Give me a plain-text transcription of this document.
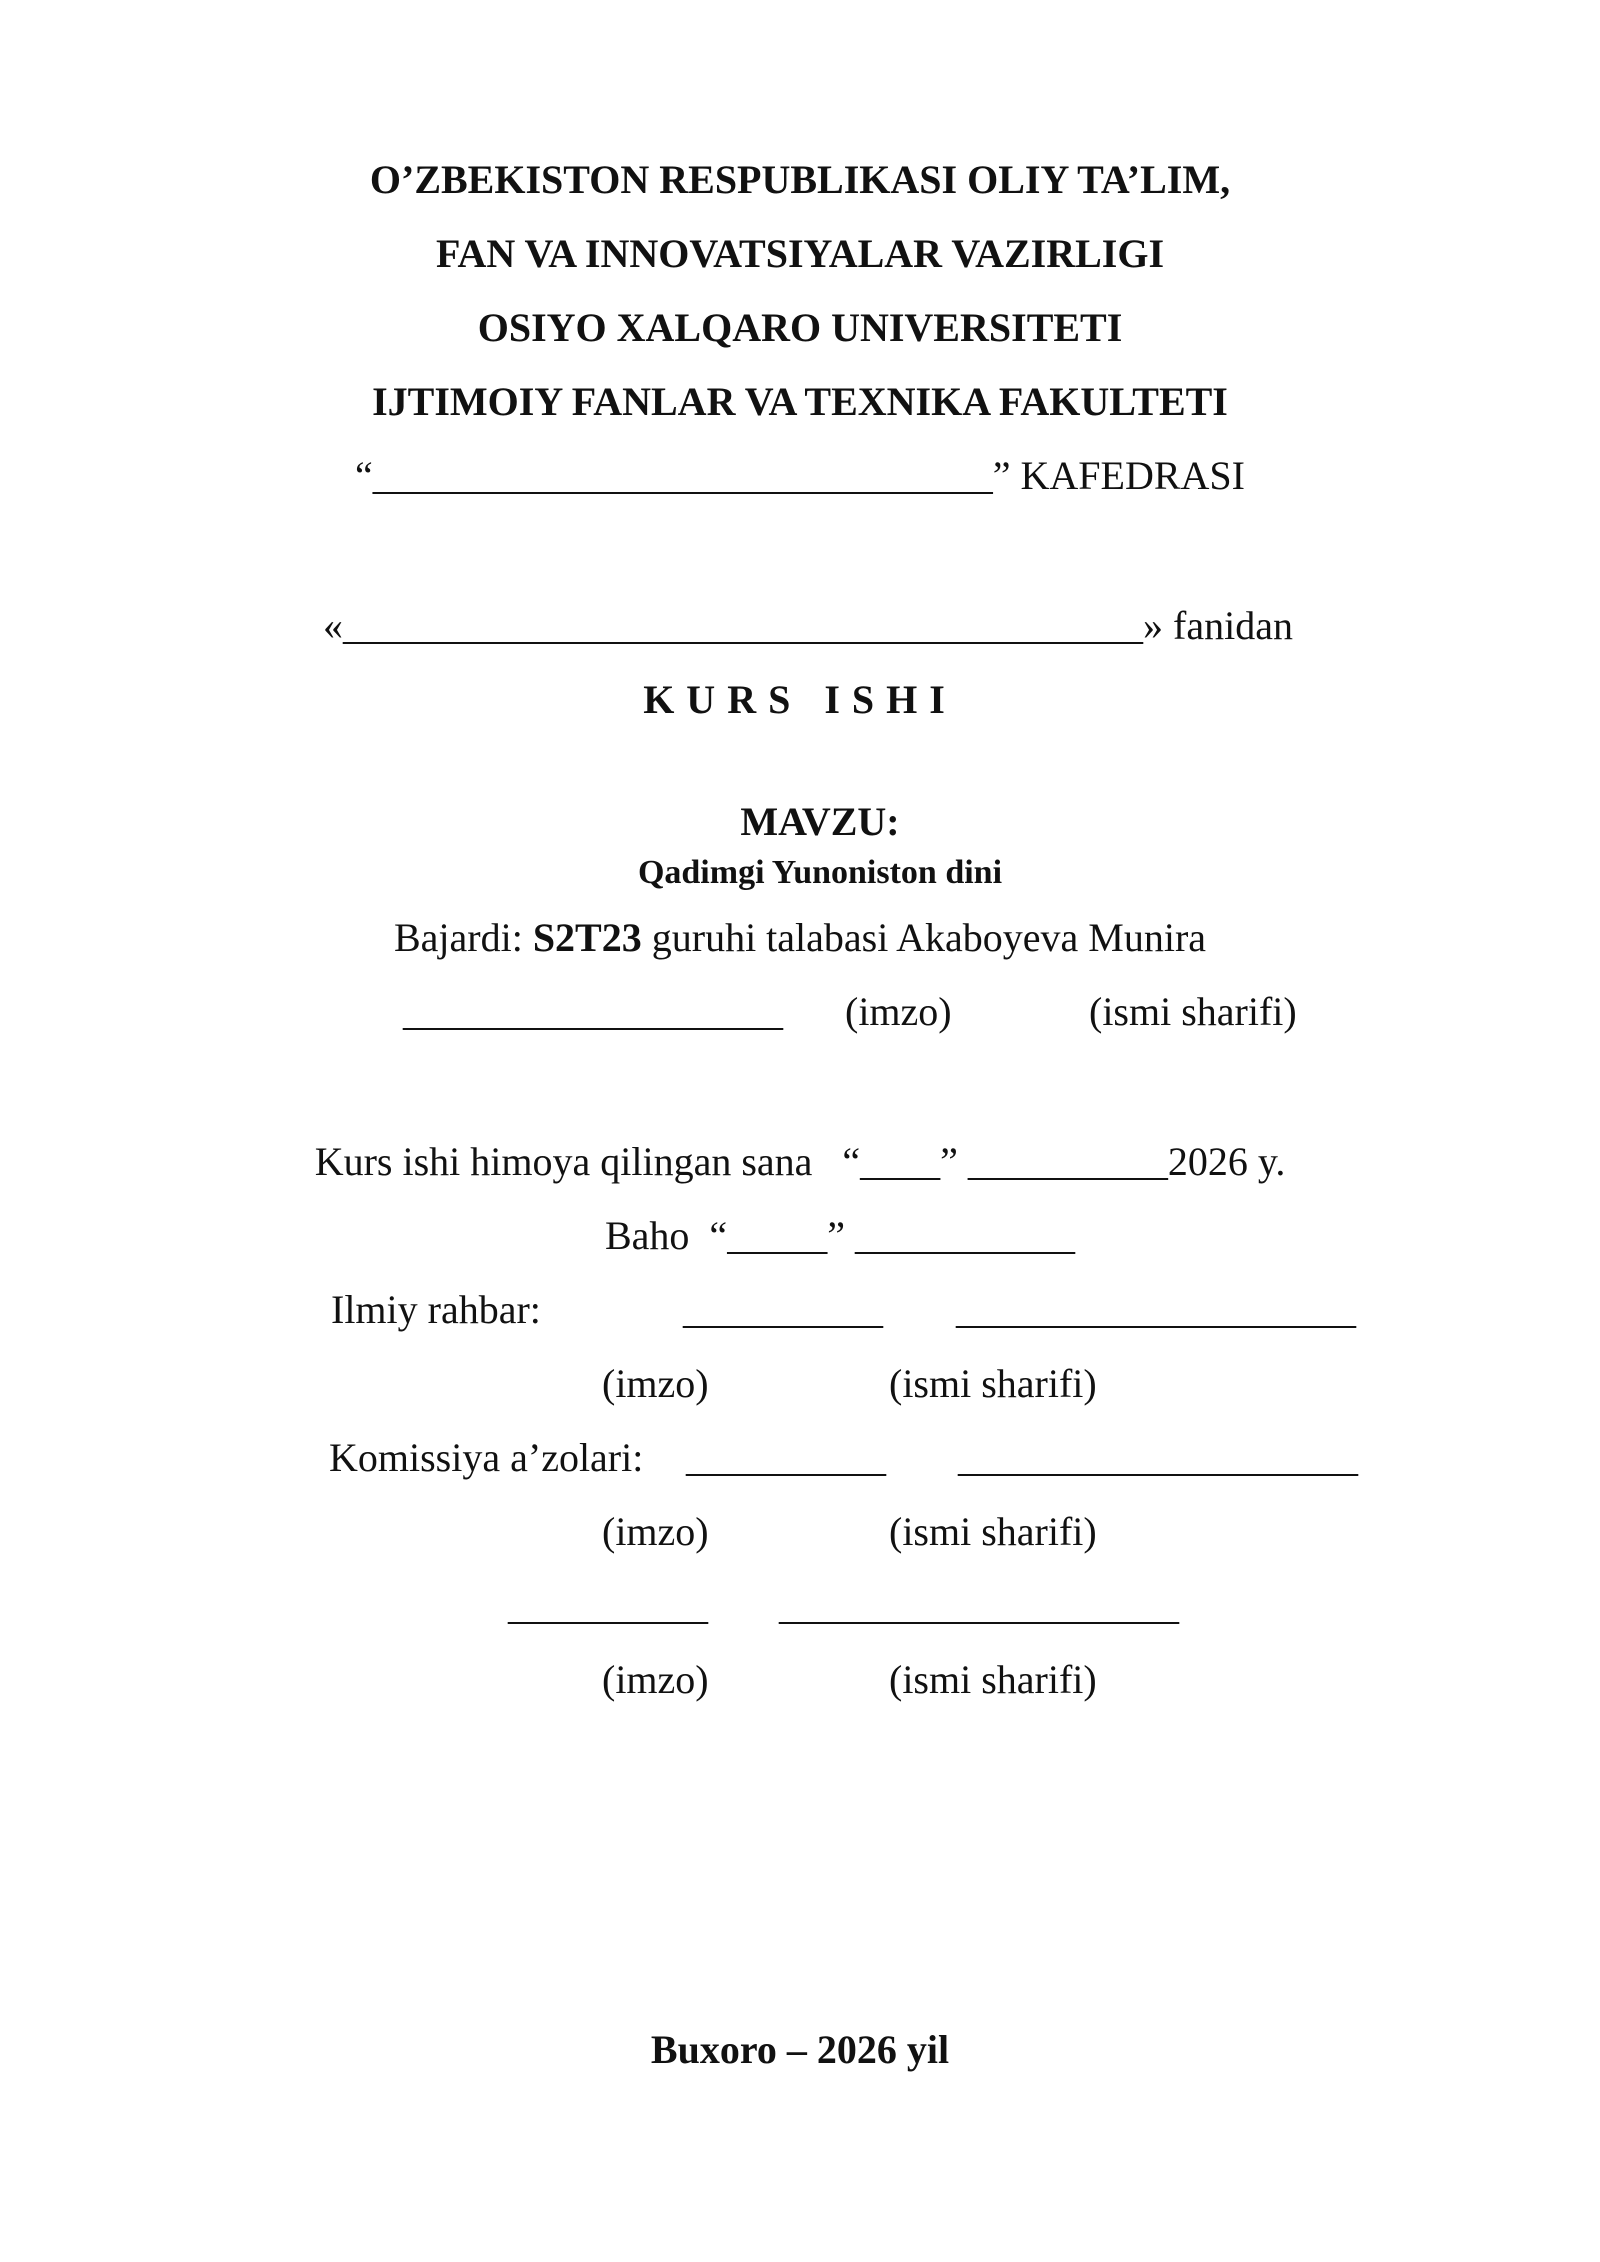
O’ZBEKISTON RESPUBLIKASI OLIY TA’LIM,
FAN VA INNOVATSIYALAR VAZIRLIGI
OSIYO XALQARO UNIVERSITETI
IJTIMOIY FANLAR VA TEXNIKA FAKULTETI
“_______________________________” KAFEDRASI
«________________________________________» fanidan
KURS ISHI

MAVZU:
Qadimgi Yunoniston dini

Bajardi: S2T23 guruhi talabasi Akaboyeva Munira
___________________ (imzo)	(ismi sharifi)
Kurs ishi himoya qilingan sana   “____” __________2026 y.
Baho  “_____” ___________
Ilmiy rahbar:	__________ ____________________
(imzo)	(ismi sharifi)
Komissiya a’zolari: __________ ____________________
(imzo)	(ismi sharifi)
__________ ____________________
(imzo)	(ismi sharifi)
Buxoro – 2026 yil
